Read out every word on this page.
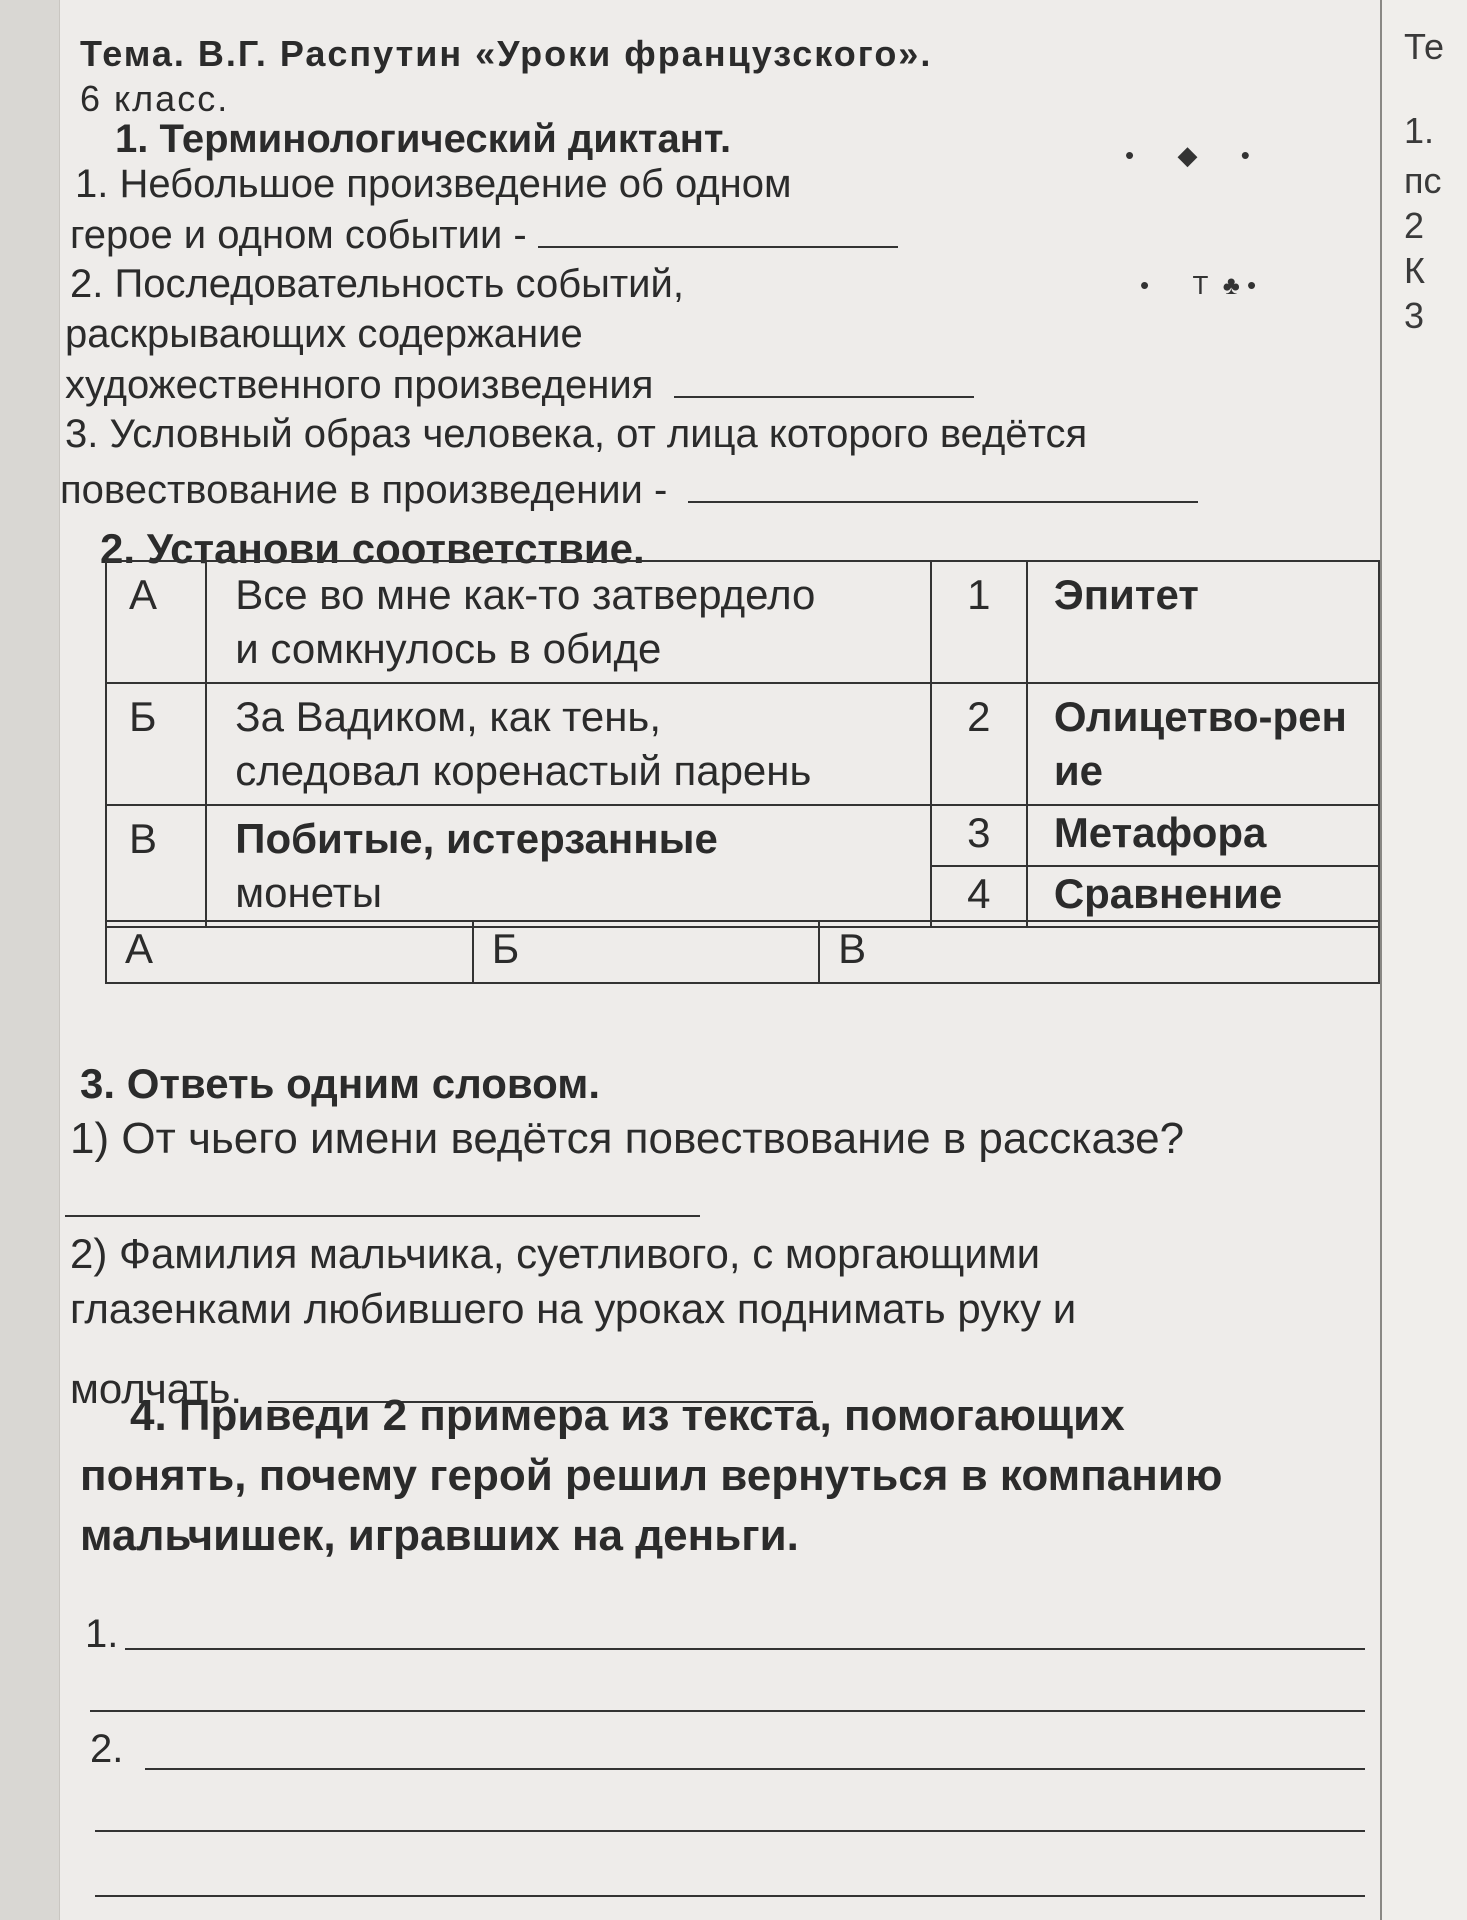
Те
1.
пс
2
К
3
Тема. В.Г. Распутин «Уроки французского».
6 класс.
1. Терминологический диктант.
1. Небольшое произведение об одном
герое и одном событии -
2. Последовательность событий,
раскрывающих содержание
художественного произведения
3. Условный образ человека, от лица которого ведётся
повествование в произведении -
•      ◆      •
•      T  ♣ •
2. Установи соответствие.
А	Все во мне как-то затвердело
и сомкнулось в обиде	1	Эпитет
Б	За Вадиком, как тень,
следовал коренастый парень	2	Олицетво-рение
В	Побитые, истерзанные
монеты	3	Метафора
		4	Сравнение
А	Б	В
3. Ответь одним словом.
1) От чьего имени ведётся повествование в рассказе?
2) Фамилия мальчика, суетливого, с моргающими
глазенками любившего на уроках поднимать руку и
молчать.
4. Приведи 2 примера из текста, помогающих
понять, почему герой решил вернуться в компанию
мальчишек, игравших на деньги.
1.
2.
